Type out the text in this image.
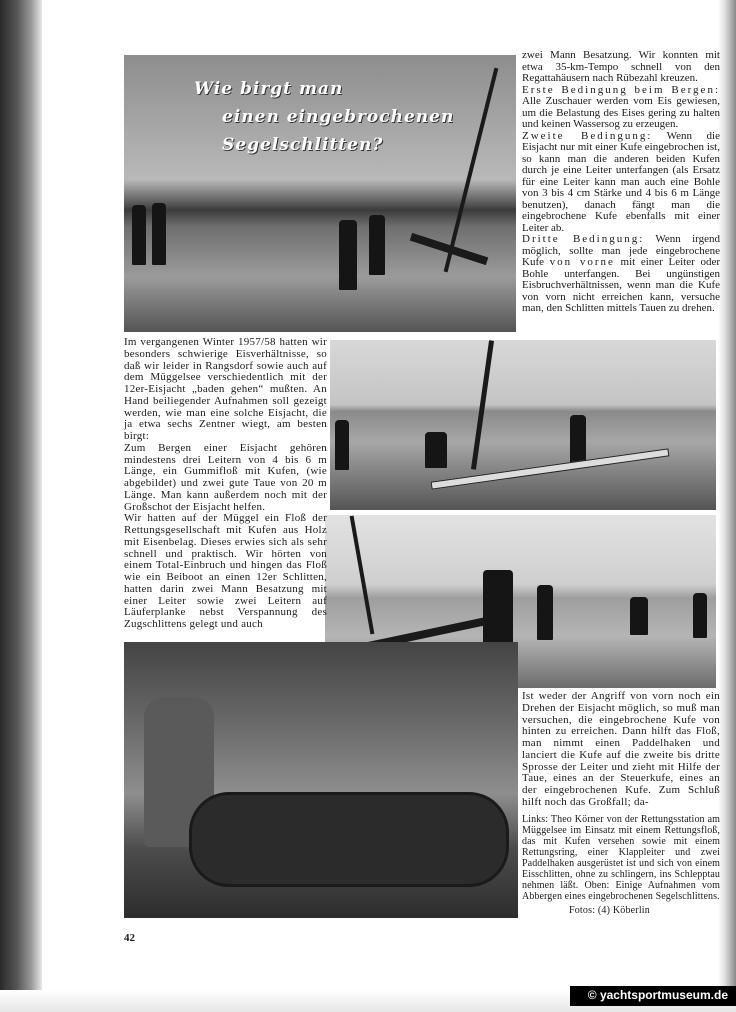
Wie birgt man
einen eingebrochenen Segelschlitten?

zwei Mann Besatzung. Wir konnten mit etwa 35-km-Tempo schnell von den Regattahäusern nach Rübezahl kreuzen.

Erste Bedingung beim Bergen: Alle Zuschauer werden vom Eis gewiesen, um die Belastung des Eises gering zu halten und keinen Wassersog zu erzeugen.

Zweite Bedingung: Wenn die Eisjacht nur mit einer Kufe eingebrochen ist, so kann man die anderen beiden Kufen durch je eine Leiter unterfangen (als Ersatz für eine Leiter kann man auch eine Bohle von 3 bis 4 cm Stärke und 4 bis 6 m Länge benutzen), danach fängt man die eingebrochene Kufe ebenfalls mit einer Leiter ab.

Dritte Bedingung: Wenn irgend möglich, sollte man jede eingebrochene Kufe von vorne mit einer Leiter oder Bohle unterfangen. Bei ungünstigen Eisbruchverhältnissen, wenn man die Kufe von vorn nicht erreichen kann, versuche man, den Schlitten mittels Tauen zu drehen.

Im vergangenen Winter 1957/58 hatten wir besonders schwierige Eisverhältnisse, so daß wir leider in Rangsdorf sowie auch auf dem Müggelsee verschiedentlich mit der 12er-Eisjacht „baden gehen“ mußten. An Hand beiliegender Aufnahmen soll gezeigt werden, wie man eine solche Eisjacht, die ja etwa sechs Zentner wiegt, am besten birgt:

Zum Bergen einer Eisjacht gehören mindestens drei Leitern von 4 bis 6 m Länge, ein Gummifloß mit Kufen, (wie abgebildet) und zwei gute Taue von 20 m Länge. Man kann außerdem noch mit der Großschot der Eisjacht helfen.

Wir hatten auf der Müggel ein Floß der Rettungsgesellschaft mit Kufen aus Holz mit Eisenbelag. Dieses erwies sich als sehr schnell und praktisch. Wir hörten von einem Total-Einbruch und hingen das Floß wie ein Beiboot an einen 12er Schlitten, hatten darin zwei Mann Besatzung mit einer Leiter sowie zwei Leitern auf Läuferplanke nebst Verspannung des Zugschlittens gelegt und auch

Ist weder der Angriff von vorn noch ein Drehen der Eisjacht möglich, so muß man versuchen, die eingebrochene Kufe von hinten zu erreichen. Dann hilft das Floß, man nimmt einen Paddelhaken und lanciert die Kufe auf die zweite bis dritte Sprosse der Leiter und zieht mit Hilfe der Taue, eines an der Steuerkufe, eines an der eingebrochenen Kufe. Zum Schluß hilft noch das Großfall; da-

Links: Theo Körner von der Rettungsstation am Müggelsee im Einsatz mit einem Rettungsfloß, das mit Kufen versehen sowie mit einem Rettungsring, einer Klappleiter und zwei Paddelhaken ausgerüstet ist und sich von einem Eisschlitten, ohne zu schlingern, ins Schlepptau nehmen läßt. Oben: Einige Aufnahmen vom Abbergen eines eingebrochenen Segelschlittens.

Fotos: (4) Köberlin
42
© yachtsportmuseum.de
